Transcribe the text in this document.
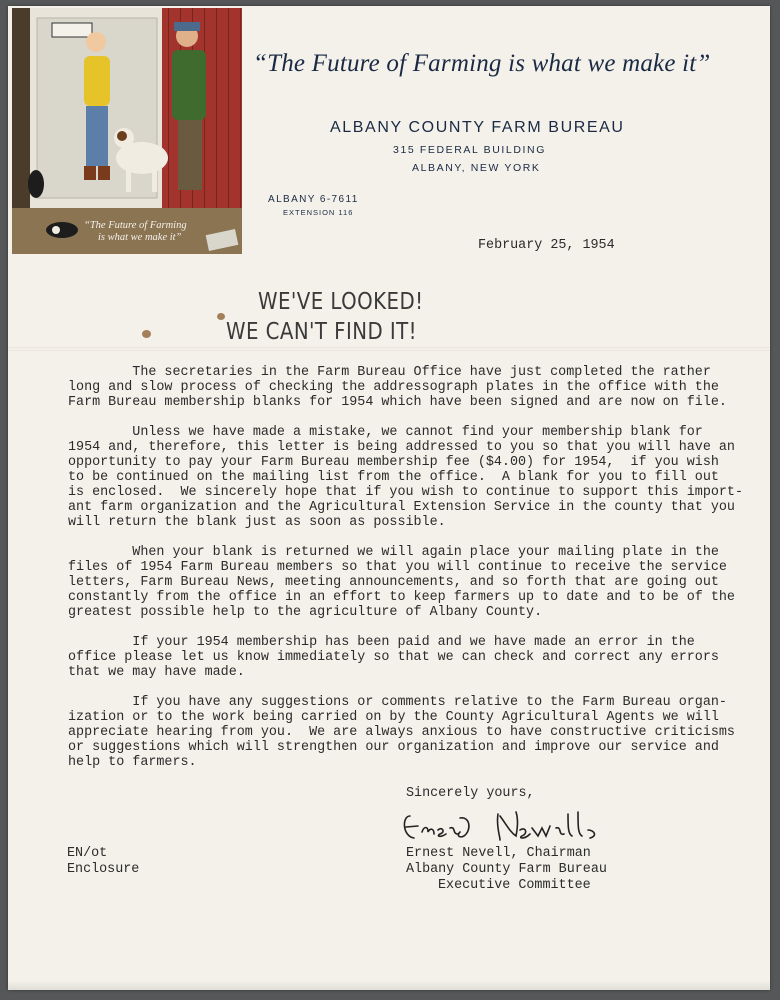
“The Future of Farming
is what we make it”
“The Future of Farming is what we make it”
ALBANY COUNTY FARM BUREAU
315 FEDERAL BUILDING
ALBANY, NEW YORK
ALBANY 6-7611
EXTENSION 116
February 25, 1954
WE'VE LOOKED!
WE CAN'T FIND IT!
The secretaries in the Farm Bureau Office have just completed the rather
long and slow process of checking the addressograph plates in the office with the
Farm Bureau membership blanks for 1954 which have been signed and are now on file.
Unless we have made a mistake, we cannot find your membership blank for
1954 and, therefore, this letter is being addressed to you so that you will have an
opportunity to pay your Farm Bureau membership fee ($4.00) for 1954,  if you wish
to be continued on the mailing list from the office.  A blank for you to fill out
is enclosed.  We sincerely hope that if you wish to continue to support this import-
ant farm organization and the Agricultural Extension Service in the county that you
will return the blank just as soon as possible.
When your blank is returned we will again place your mailing plate in the
files of 1954 Farm Bureau members so that you will continue to receive the service
letters, Farm Bureau News, meeting announcements, and so forth that are going out
constantly from the office in an effort to keep farmers up to date and to be of the
greatest possible help to the agriculture of Albany County.
If your 1954 membership has been paid and we have made an error in the
office please let us know immediately so that we can check and correct any errors
that we may have made.
If you have any suggestions or comments relative to the Farm Bureau organ-
ization or to the work being carried on by the County Agricultural Agents we will
appreciate hearing from you.  We are always anxious to have constructive criticisms
or suggestions which will strengthen our organization and improve our service and
help to farmers.
Sincerely yours,
Ernest Nevell, Chairman
Albany County Farm Bureau
Executive Committee
EN/ot
Enclosure
